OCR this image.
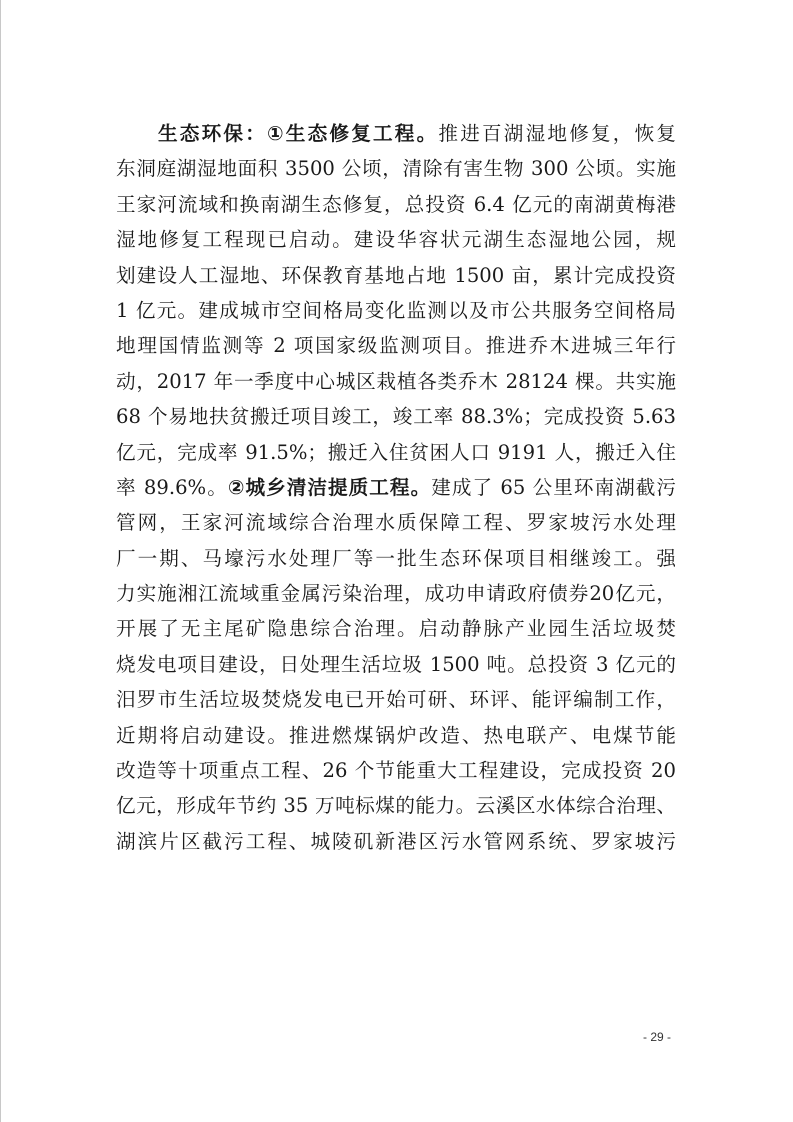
生态环保：①生态修复工程。推进百湖湿地修复，恢复
东洞庭湖湿地面积 3500 公顷，清除有害生物 300 公顷。实施
王家河流域和换南湖生态修复，总投资 6.4 亿元的南湖黄梅港
湿地修复工程现已启动。建设华容状元湖生态湿地公园，规
划建设人工湿地、环保教育基地占地 1500 亩，累计完成投资
1 亿元。建成城市空间格局变化监测以及市公共服务空间格局
地理国情监测等 2 项国家级监测项目。推进乔木进城三年行
动，2017 年一季度中心城区栽植各类乔木 28124 棵。共实施
68 个易地扶贫搬迁项目竣工，竣工率 88.3%；完成投资 5.63
亿元，完成率 91.5%；搬迁入住贫困人口 9191 人，搬迁入住
率 89.6%。②城乡清洁提质工程。建成了 65 公里环南湖截污
管网，王家河流域综合治理水质保障工程、罗家坡污水处理
厂一期、马壕污水处理厂等一批生态环保项目相继竣工。强
力实施湘江流域重金属污染治理，成功申请政府债券20亿元，
开展了无主尾矿隐患综合治理。启动静脉产业园生活垃圾焚
烧发电项目建设，日处理生活垃圾 1500 吨。总投资 3 亿元的
汨罗市生活垃圾焚烧发电已开始可研、环评、能评编制工作，
近期将启动建设。推进燃煤锅炉改造、热电联产、电煤节能
改造等十项重点工程、26 个节能重大工程建设，完成投资 20
亿元，形成年节约 35 万吨标煤的能力。云溪区水体综合治理、
湖滨片区截污工程、城陵矶新港区污水管网系统、罗家坡污
- 29 -
